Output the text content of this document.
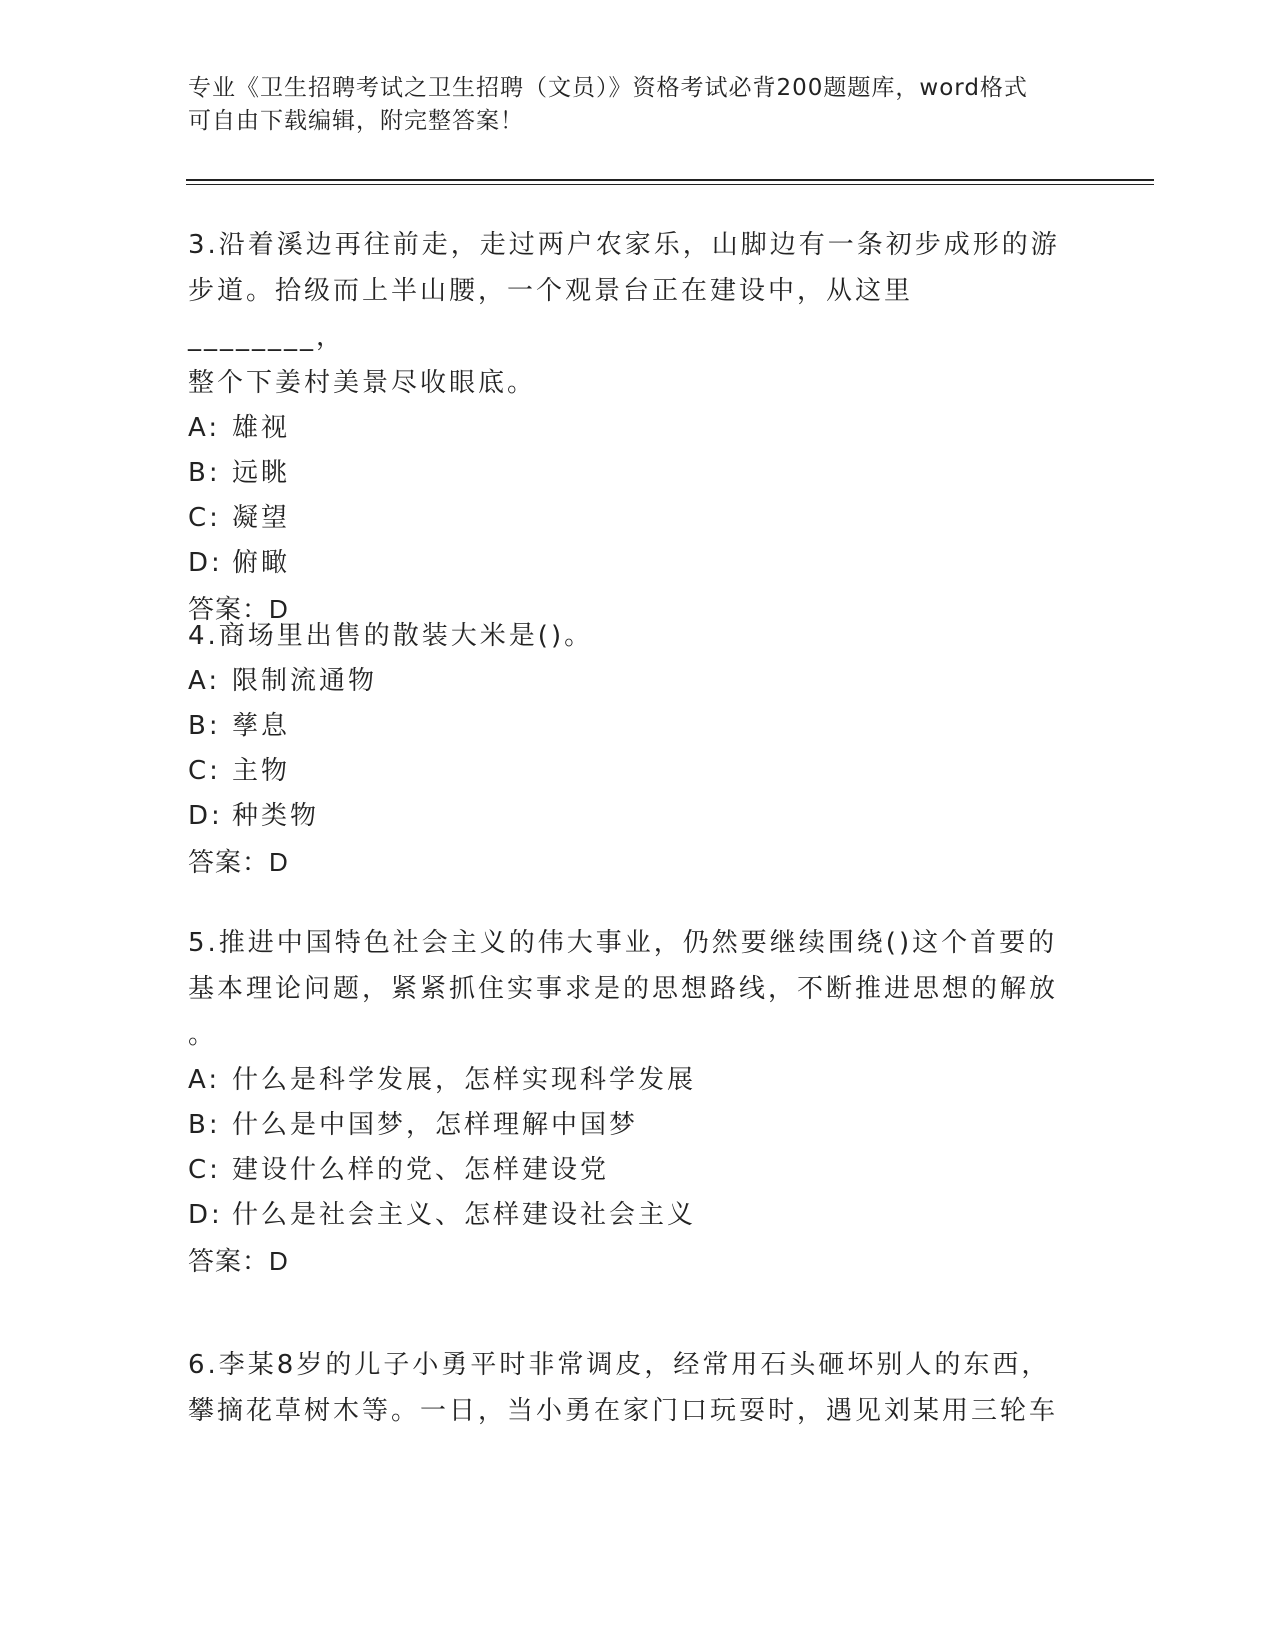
专业《卫生招聘考试之卫生招聘（文员）》资格考试必背200题题库，word格式
可自由下载编辑，附完整答案！

3.沿着溪边再往前走，走过两户农家乐，山脚边有一条初步成形的游

步道。拾级而上半山腰，一个观景台正在建设中，从这里________，

整个下姜村美景尽收眼底。

A: 雄视

B: 远眺

C: 凝望

D: 俯瞰

答案：D

4.商场里出售的散装大米是()。

A: 限制流通物

B: 孳息

C: 主物

D: 种类物

答案：D

5.推进中国特色社会主义的伟大事业，仍然要继续围绕()这个首要的

基本理论问题，紧紧抓住实事求是的思想路线，不断推进思想的解放

。

A: 什么是科学发展，怎样实现科学发展

B: 什么是中国梦，怎样理解中国梦

C: 建设什么样的党、怎样建设党

D: 什么是社会主义、怎样建设社会主义

答案：D

6.李某8岁的儿子小勇平时非常调皮，经常用石头砸坏别人的东西，

攀摘花草树木等。一日，当小勇在家门口玩耍时，遇见刘某用三轮车
